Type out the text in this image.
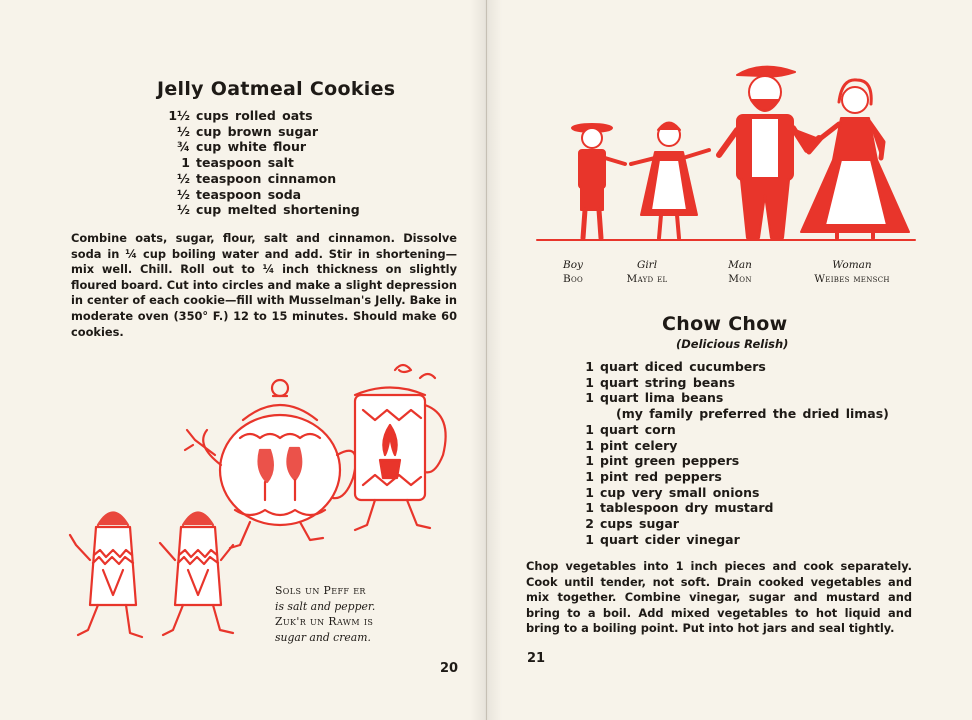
Jelly Oatmeal Cookies
1½ cups rolled oats
½ cup brown sugar
¾ cup white flour
1 teaspoon salt
½ teaspoon cinnamon
½ teaspoon soda
½ cup melted shortening
Combine oats, sugar, flour, salt and cinnamon. Dissolve soda in ¼ cup boiling water and add. Stir in shortening—mix well. Chill. Roll out to ¼ inch thickness on slightly floured board. Cut into circles and make a slight depression in center of each cookie—fill with Musselman's Jelly. Bake in moderate oven (350° F.) 12 to 15 minutes. Should make 60 cookies.
Sols un Peff er
is salt and pepper.
Zuk'r un Rawm is
sugar and cream.
20
Boy
Boo
Girl
Mayd el
Man
Mon
Woman
Weibes mensch
Chow Chow
(Delicious Relish)
1 quart diced cucumbers
1 quart string beans
1 quart lima beans
(my family preferred the dried limas)
1 quart corn
1 pint celery
1 pint green peppers
1 pint red peppers
1 cup very small onions
1 tablespoon dry mustard
2 cups sugar
1 quart cider vinegar
Chop vegetables into 1 inch pieces and cook separately. Cook until tender, not soft. Drain cooked vegetables and mix together. Combine vinegar, sugar and mustard and bring to a boil. Add mixed vegetables to hot liquid and bring to a boiling point. Put into hot jars and seal tightly.
21
